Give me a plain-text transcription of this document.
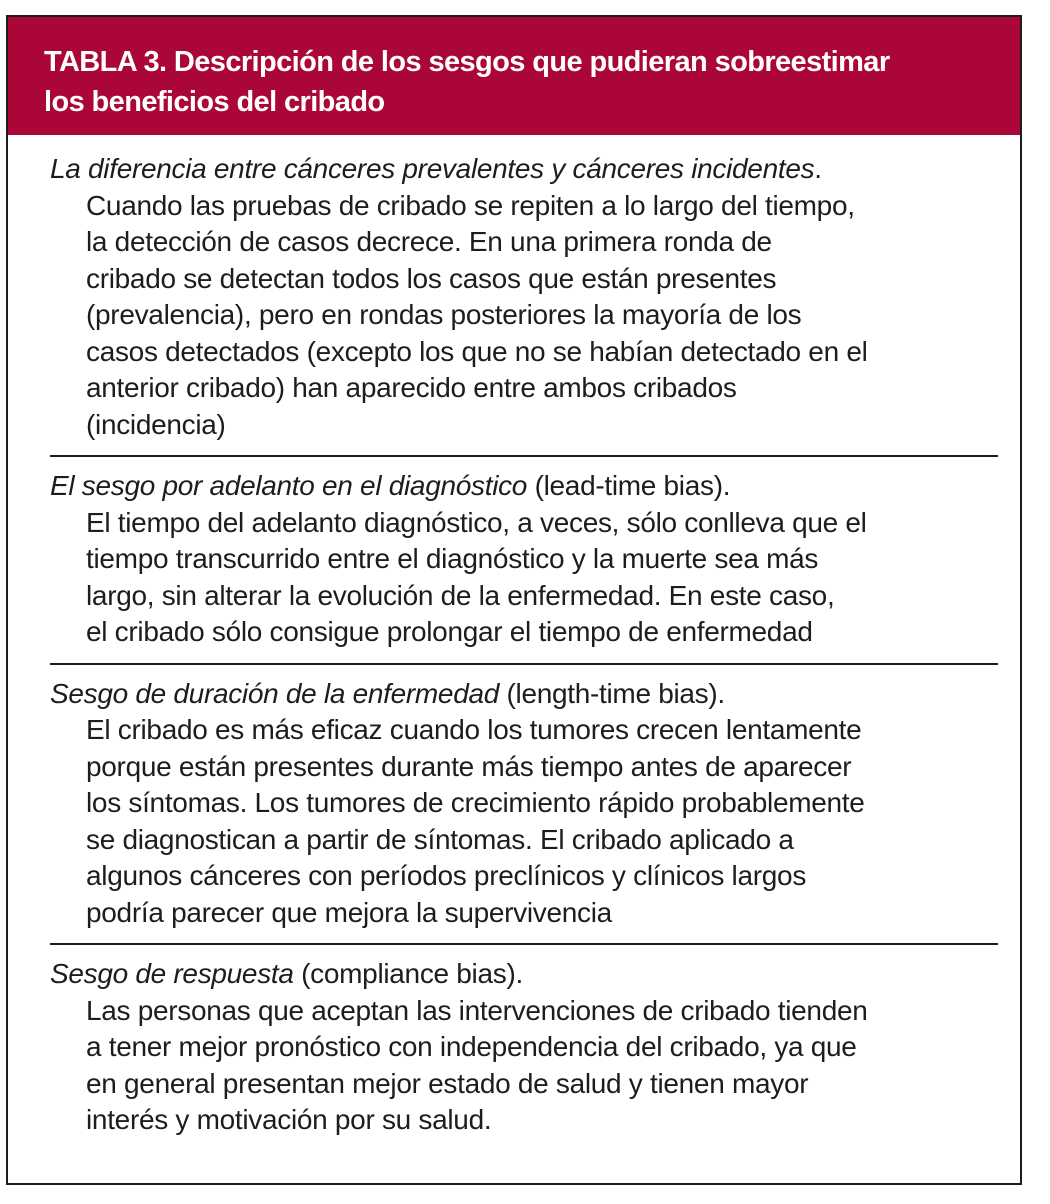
TABLA 3. Descripción de los sesgos que pudieran sobreestimar
los beneficios del cribado

La diferencia entre cánceres prevalentes y cánceres incidentes.

Cuando las pruebas de cribado se repiten a lo largo del tiempo,
la detección de casos decrece. En una primera ronda de
cribado se detectan todos los casos que están presentes
(prevalencia), pero en rondas posteriores la mayoría de los
casos detectados (excepto los que no se habían detectado en el
anterior cribado) han aparecido entre ambos cribados
(incidencia)

El sesgo por adelanto en el diagnóstico (lead-time bias).

El tiempo del adelanto diagnóstico, a veces, sólo conlleva que el
tiempo transcurrido entre el diagnóstico y la muerte sea más
largo, sin alterar la evolución de la enfermedad. En este caso,
el cribado sólo consigue prolongar el tiempo de enfermedad

Sesgo de duración de la enfermedad (length-time bias).

El cribado es más eficaz cuando los tumores crecen lentamente
porque están presentes durante más tiempo antes de aparecer
los síntomas. Los tumores de crecimiento rápido probablemente
se diagnostican a partir de síntomas. El cribado aplicado a
algunos cánceres con períodos preclínicos y clínicos largos
podría parecer que mejora la supervivencia

Sesgo de respuesta (compliance bias).

Las personas que aceptan las intervenciones de cribado tienden
a tener mejor pronóstico con independencia del cribado, ya que
en general presentan mejor estado de salud y tienen mayor
interés y motivación por su salud.
